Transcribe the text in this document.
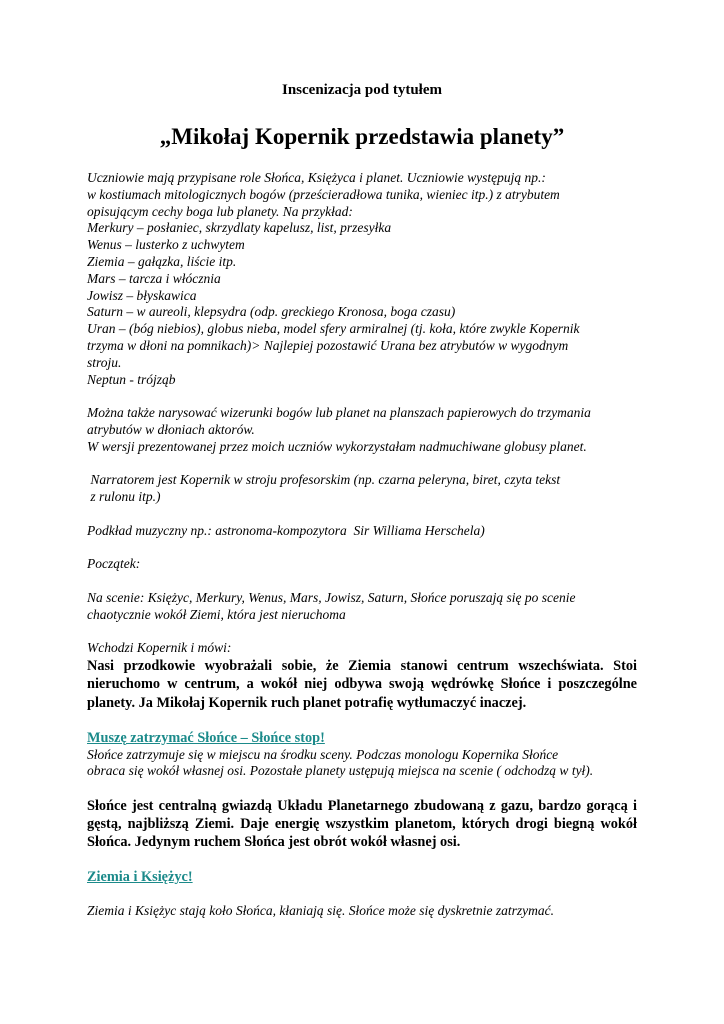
Inscenizacja pod tytułem

„Mikołaj Kopernik przedstawia planety”

Uczniowie mają przypisane role Słońca, Księżyca i planet. Uczniowie występują np.:
w kostiumach mitologicznych bogów (prześcieradłowa tunika, wieniec itp.) z atrybutem
opisującym cechy boga lub planety. Na przykład:
Merkury – posłaniec, skrzydlaty kapelusz, list, przesyłka
Wenus – lusterko z uchwytem
Ziemia – gałązka, liście itp.
Mars – tarcza i włócznia
Jowisz – błyskawica
Saturn – w aureoli, klepsydra (odp. greckiego Kronosa, boga czasu)
Uran – (bóg niebios), globus nieba, model sfery armiralnej (tj. koła, które zwykle Kopernik
trzyma w dłoni na pomnikach)> Najlepiej pozostawić Urana bez atrybutów w wygodnym
stroju.
Neptun - trójząb

Można także narysować wizerunki bogów lub planet na planszach papierowych do trzymania
atrybutów w dłoniach aktorów.
W wersji prezentowanej przez moich uczniów wykorzystałam nadmuchiwane globusy planet.

Narratorem jest Kopernik w stroju profesorskim (np. czarna peleryna, biret, czyta tekst
z rulonu itp.)

Podkład muzyczny np.: astronoma-kompozytora  Sir Williama Herschela)

Początek:

Na scenie: Księżyc, Merkury, Wenus, Mars, Jowisz, Saturn, Słońce poruszają się po scenie
chaotycznie wokół Ziemi, która jest nieruchoma

Wchodzi Kopernik i mówi:

Nasi przodkowie wyobrażali sobie, że Ziemia stanowi centrum wszechświata. Stoi nieruchomo w centrum, a wokół niej odbywa swoją wędrówkę Słońce i poszczególne planety. Ja Mikołaj Kopernik ruch planet potrafię wytłumaczyć inaczej.

Muszę zatrzymać Słońce – Słońce stop!

Słońce zatrzymuje się w miejscu na środku sceny. Podczas monologu Kopernika Słońce
obraca się wokół własnej osi. Pozostałe planety ustępują miejsca na scenie ( odchodzą w tył).

Słońce jest centralną gwiazdą Układu Planetarnego zbudowaną z gazu, bardzo gorącą i gęstą, najbliższą Ziemi. Daje energię wszystkim planetom, których drogi biegną wokół Słońca. Jedynym ruchem Słońca jest obrót wokół własnej osi.

Ziemia i Księżyc!

Ziemia i Księżyc stają koło Słońca, kłaniają się. Słońce może się dyskretnie zatrzymać.
